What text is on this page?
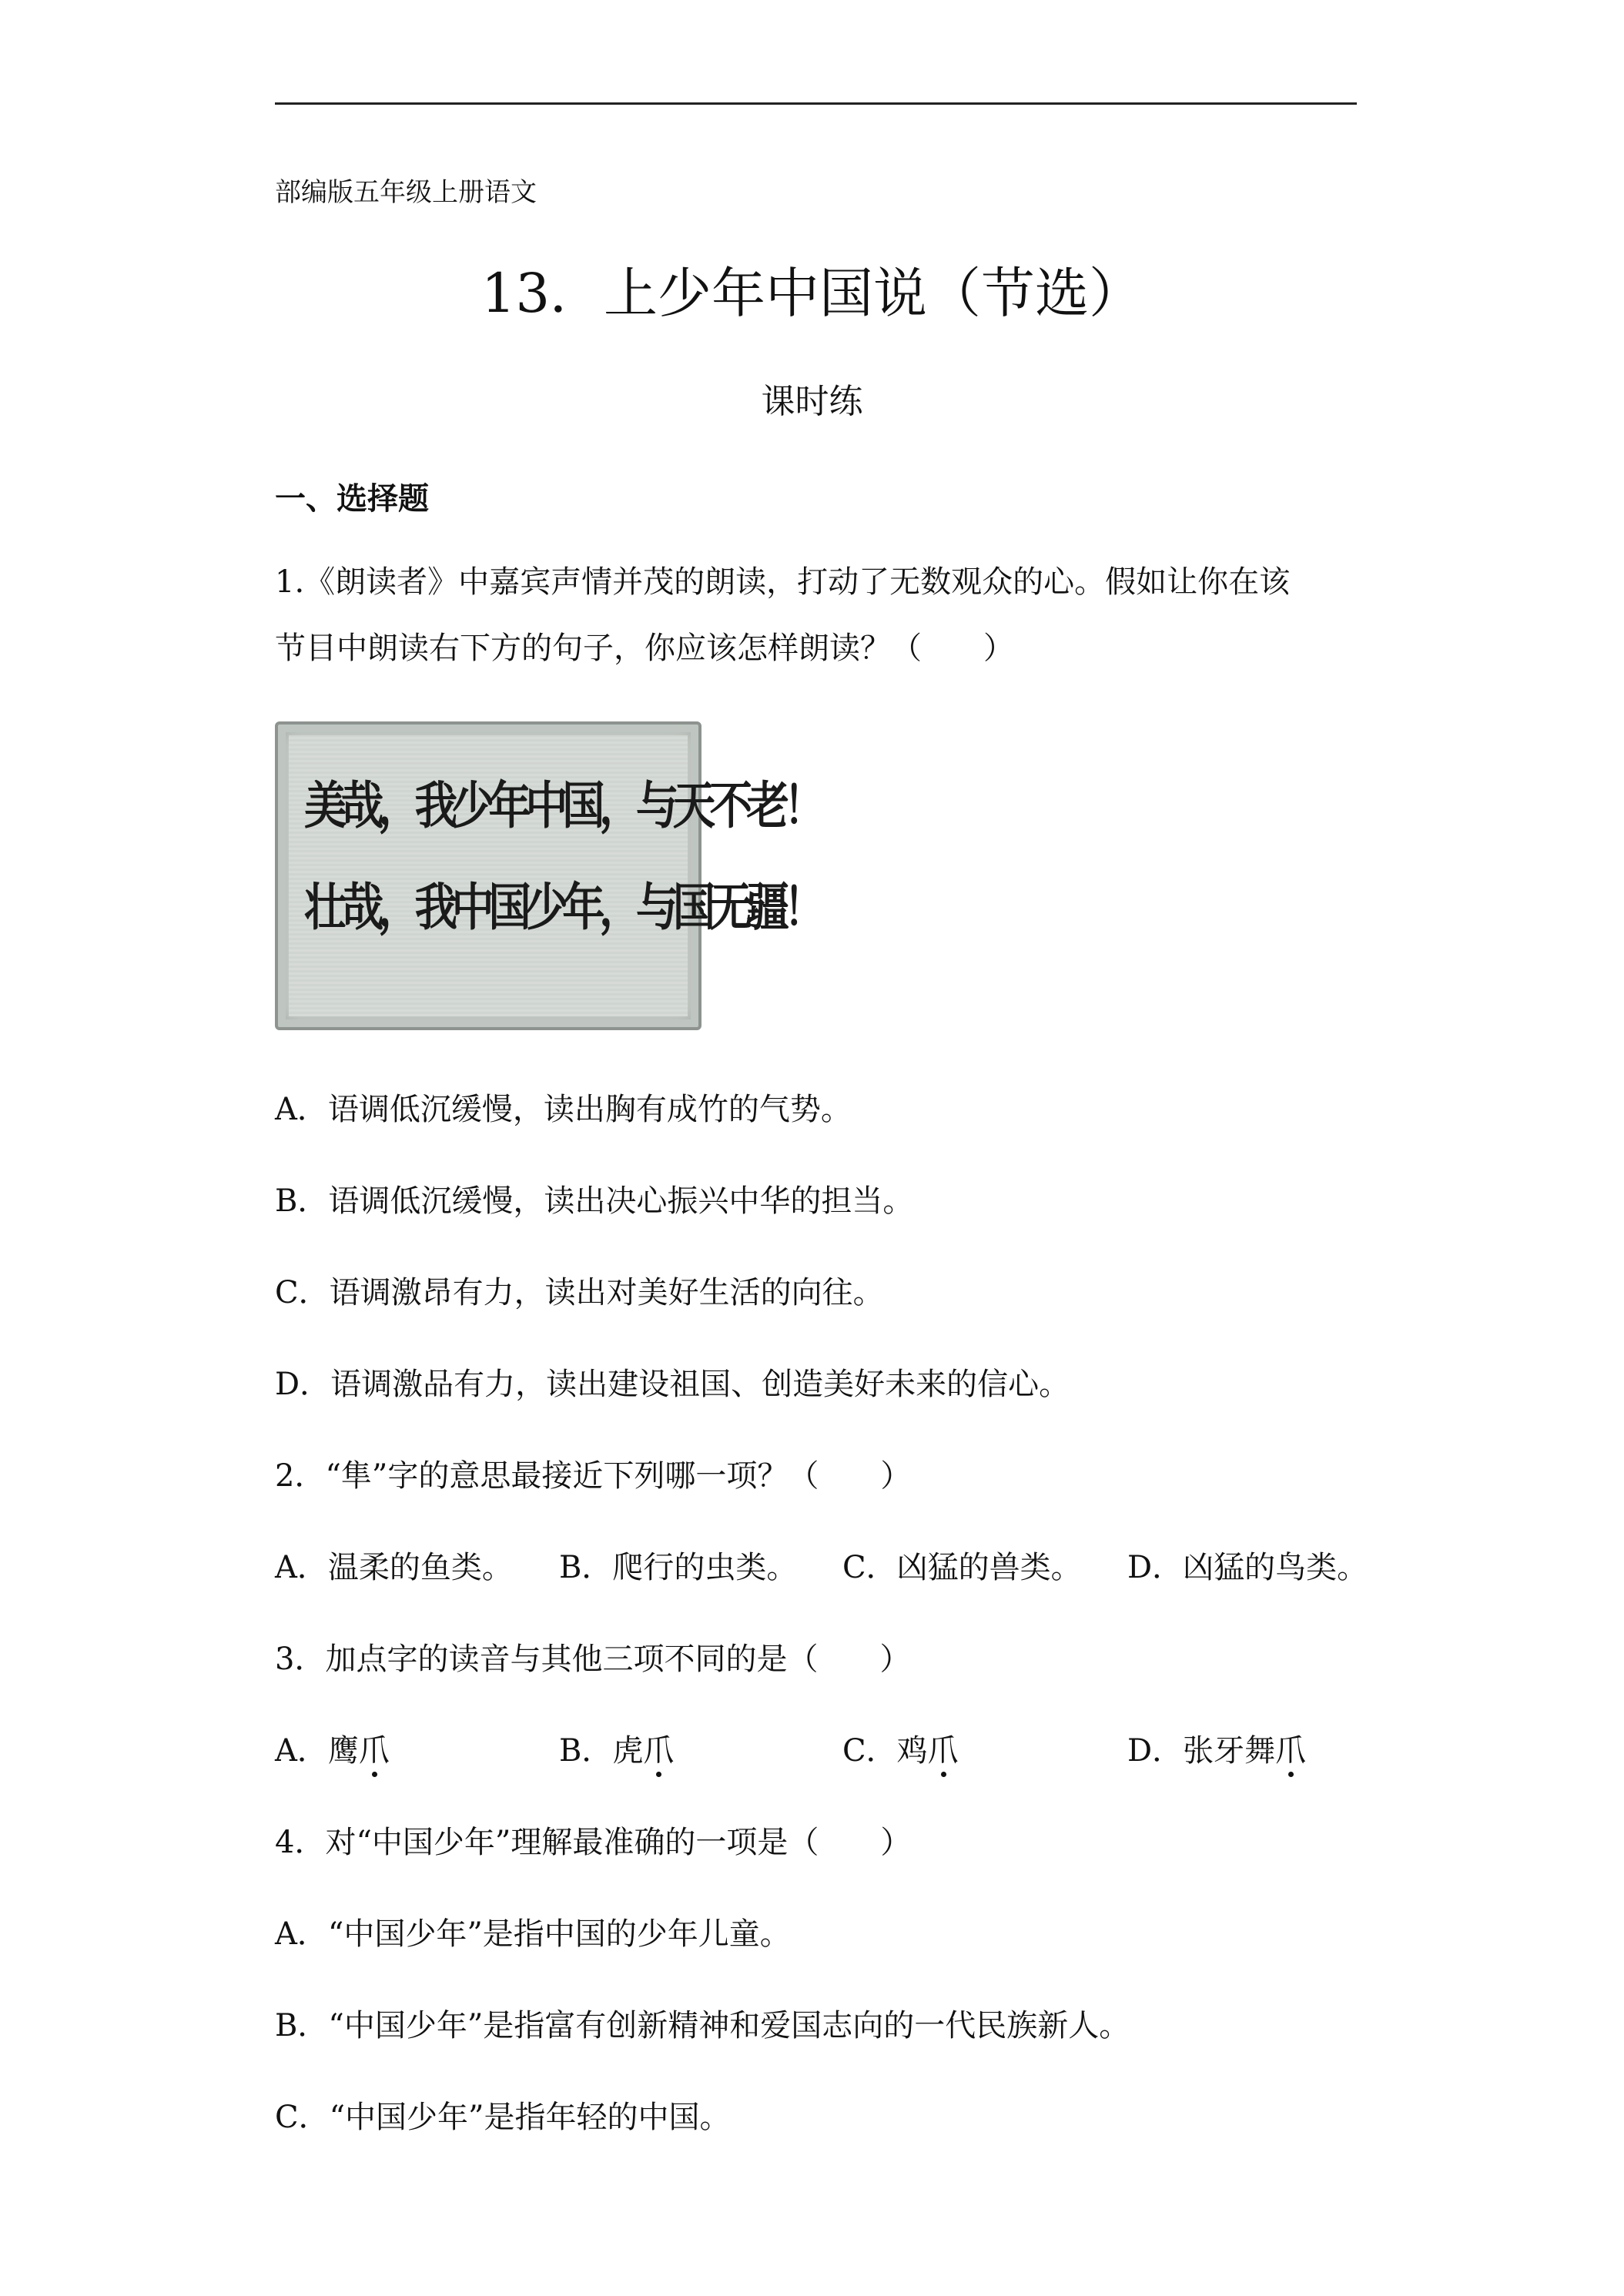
部编版五年级上册语文
13．上少年中国说（节选）
课时练
一、选择题
1.《朗读者》中嘉宾声情并茂的朗读，打动了无数观众的心。假如让你在该
节目中朗读右下方的句子，你应该怎样朗读？（　　）
美哉，我少年中国，与天不老！
壮哉，我中国少年，与国无疆！
A．语调低沉缓慢，读出胸有成竹的气势。
B．语调低沉缓慢，读出决心振兴中华的担当。
C．语调激昂有力，读出对美好生活的向往。
D．语调激品有力，读出建设祖国、创造美好未来的信心。
2．“隼”字的意思最接近下列哪一项？（　　）
A．温柔的鱼类。 B．爬行的虫类。 C．凶猛的兽类。 D．凶猛的鸟类。
3．加点字的读音与其他三项不同的是（　　）
A．鹰爪	B．虎爪	C．鸡爪	D．张牙舞爪
4．对“中国少年”理解最准确的一项是（　　）
A．“中国少年”是指中国的少年儿童。
B．“中国少年”是指富有创新精神和爱国志向的一代民族新人。
C．“中国少年”是指年轻的中国。
